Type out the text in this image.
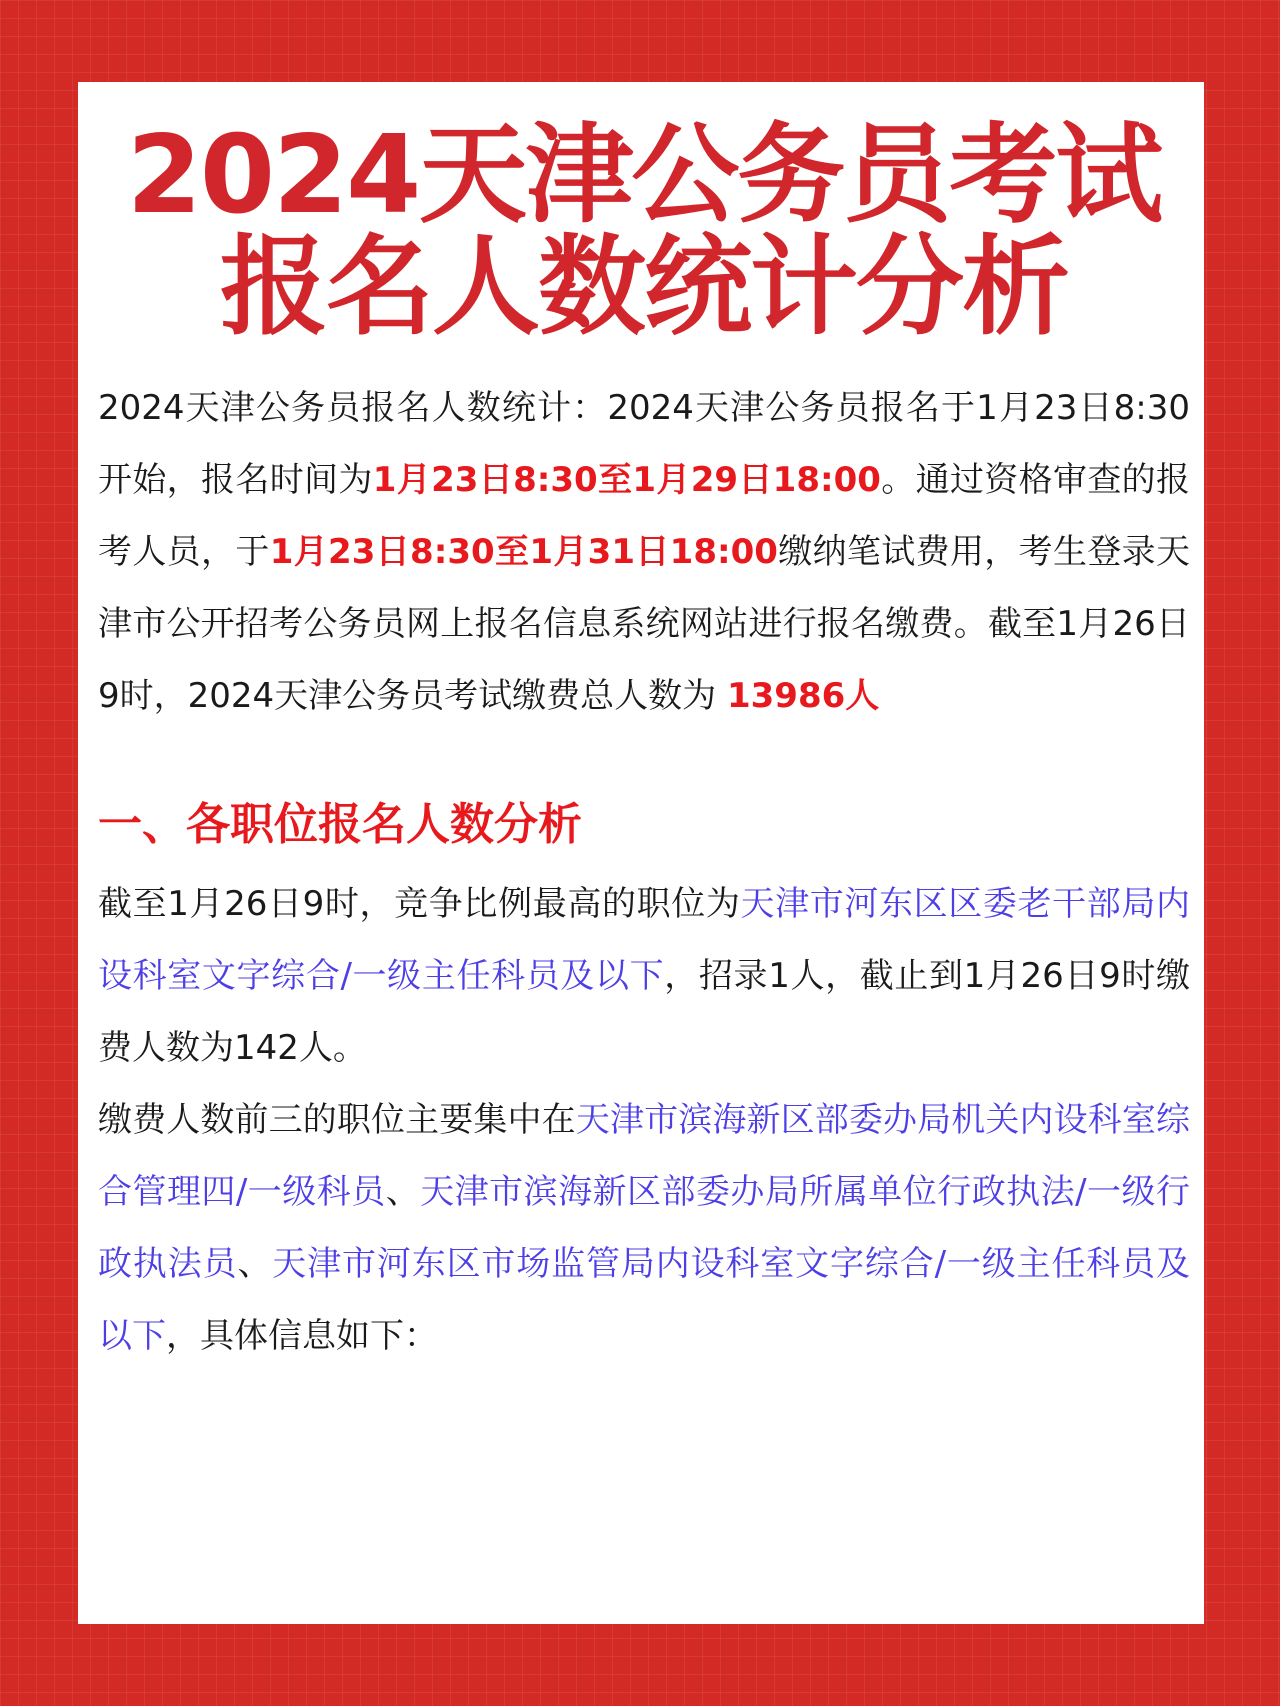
2024天津公务员考试
报名人数统计分析

2024天津公务员报名人数统计：2024天津公务员报名于1月23日8:30开始，报名时间为1月23日8:30至1月29日18:00。通过资格审查的报考人员，于1月23日8:30至1月31日18:00缴纳笔试费用，考生登录天津市公开招考公务员网上报名信息系统网站进行报名缴费。截至1月26日9时，2024天津公务员考试缴费总人数为 13986人

一、各职位报名人数分析

截至1月26日9时，竞争比例最高的职位为天津市河东区区委老干部局内设科室文字综合/一级主任科员及以下，招录1人，截止到1月26日9时缴费人数为142人。

缴费人数前三的职位主要集中在天津市滨海新区部委办局机关内设科室综合管理四/一级科员、天津市滨海新区部委办局所属单位行政执法/一级行政执法员、天津市河东区市场监管局内设科室文字综合/一级主任科员及以下，具体信息如下：
